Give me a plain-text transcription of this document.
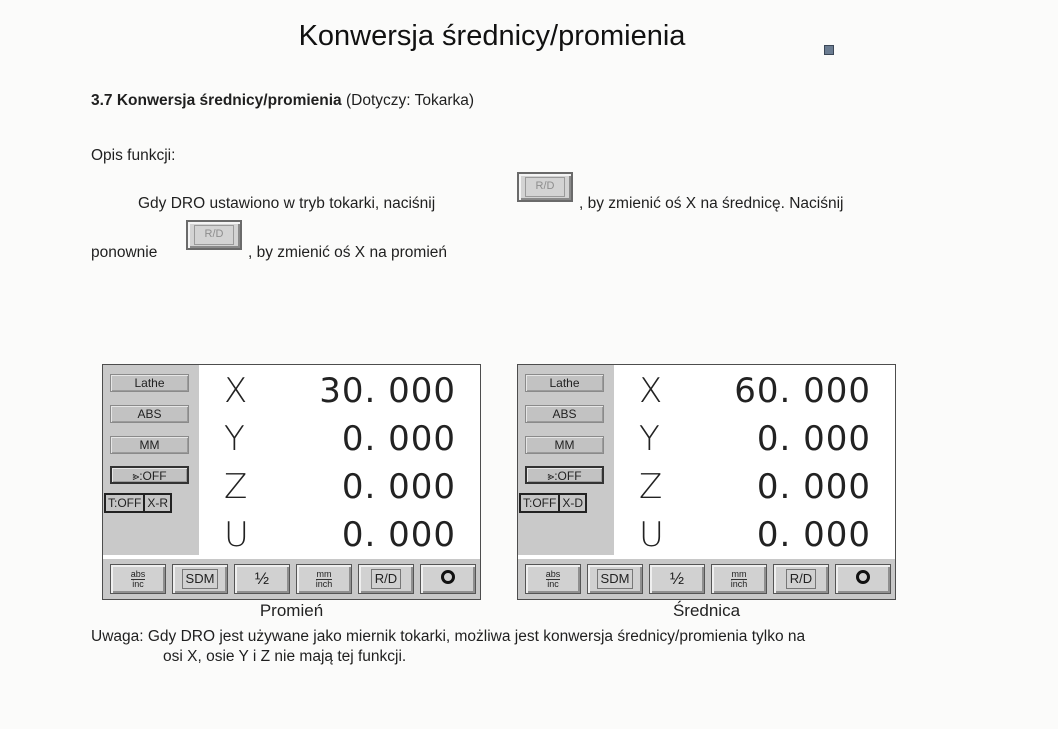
Konwersja średnicy/promienia
3.7 Konwersja średnicy/promienia (Dotyczy: Tokarka)
Opis funkcji:
Gdy DRO ustawiono w tryb tokarki, naciśnij
R/D
, by zmienić oś X na średnicę. Naciśnij
ponownie
R/D
, by zmienić oś X na promień
Lathe
ABS
MM
⪢:OFF
T:OFF X-R
X 30. 000
Y	0. 000
Z	0. 000
U	0. 000
abs
inc	SDM	½	mm
inch	R/D
Promień
Lathe
ABS
MM
⪢:OFF
T:OFF X-D
X 60. 000
Y	0. 000
Z	0. 000
U	0. 000
abs
inc	SDM	½	mm
inch	R/D
Średnica
Uwaga: Gdy DRO jest używane jako miernik tokarki, możliwa jest konwersja średnicy/promienia tylko na
osi X, osie Y i Z nie mają tej funkcji.
